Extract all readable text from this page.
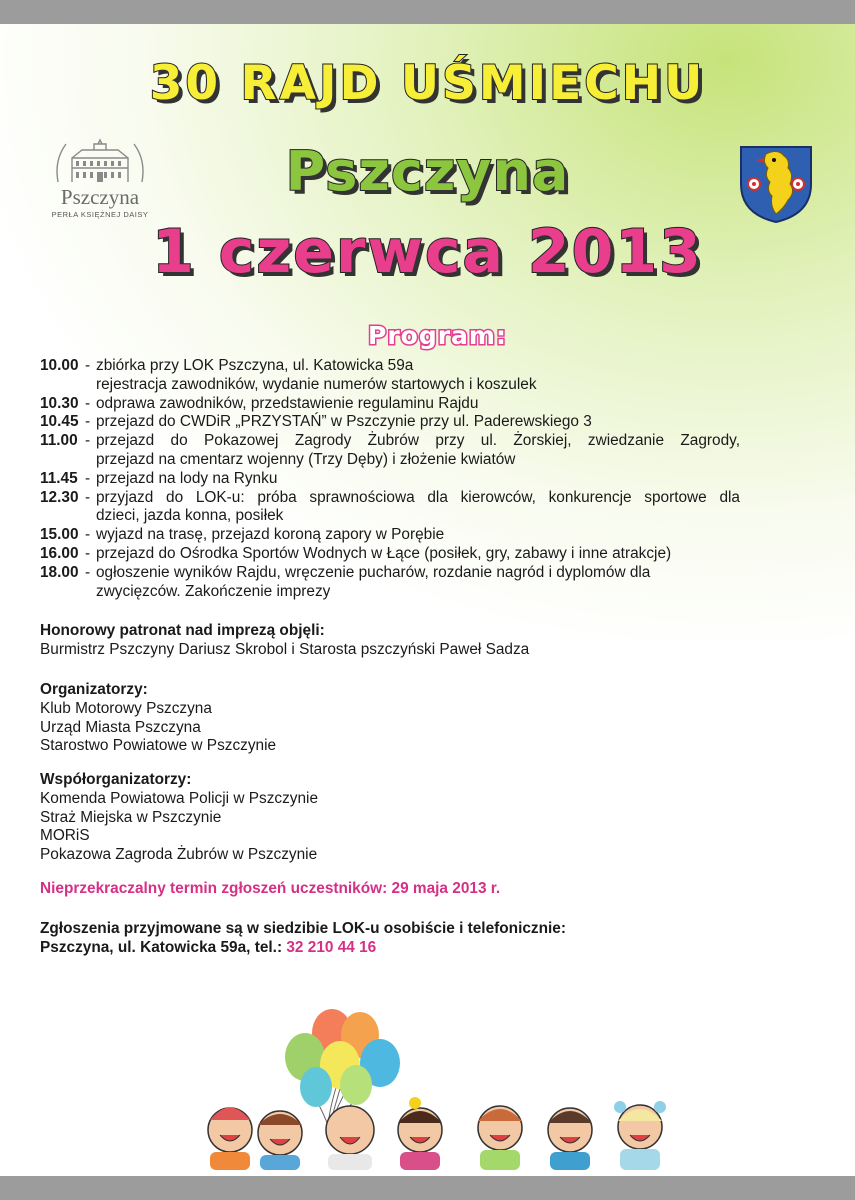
30 RAJD UŚMIECHU
Pszczyna
1 czerwca 2013
Pszczyna
PERŁA KSIĘŻNEJ DAISY
Program:
10.00 - zbiórka przy LOK Pszczyna, ul. Katowicka 59a
rejestracja zawodników, wydanie numerów startowych i koszulek
10.30 - odprawa zawodników, przedstawienie regulaminu Rajdu
10.45 - przejazd do CWDiR „PRZYSTAŃ” w Pszczynie przy ul. Paderewskiego 3
11.00 - przejazd do Pokazowej Zagrody Żubrów przy ul. Żorskiej, zwiedzanie Zagrody,
przejazd na cmentarz wojenny (Trzy Dęby) i złożenie kwiatów
11.45 - przejazd na lody na Rynku
12.30 - przyjazd do LOK-u: próba sprawnościowa dla kierowców, konkurencje sportowe dla
dzieci, jazda konna, posiłek
15.00 - wyjazd na trasę, przejazd koroną zapory w Porębie
16.00 - przejazd do Ośrodka Sportów Wodnych w Łące (posiłek, gry, zabawy i inne atrakcje)
18.00 - ogłoszenie wyników Rajdu, wręczenie pucharów, rozdanie nagród i dyplomów dla
zwycięzców. Zakończenie imprezy
Honorowy patronat nad imprezą objęli:
Burmistrz Pszczyny Dariusz Skrobol i Starosta pszczyński Paweł Sadza
Organizatorzy:
Klub Motorowy Pszczyna
Urząd Miasta Pszczyna
Starostwo Powiatowe w Pszczynie
Współorganizatorzy:
Komenda Powiatowa Policji w Pszczynie
Straż Miejska w Pszczynie
MORiS
Pokazowa Zagroda Żubrów w Pszczynie
Nieprzekraczalny termin zgłoszeń uczestników: 29 maja 2013 r.
Zgłoszenia przyjmowane są w siedzibie LOK-u osobiście i telefonicznie:
Pszczyna, ul. Katowicka 59a, tel.: 32 210 44 16
